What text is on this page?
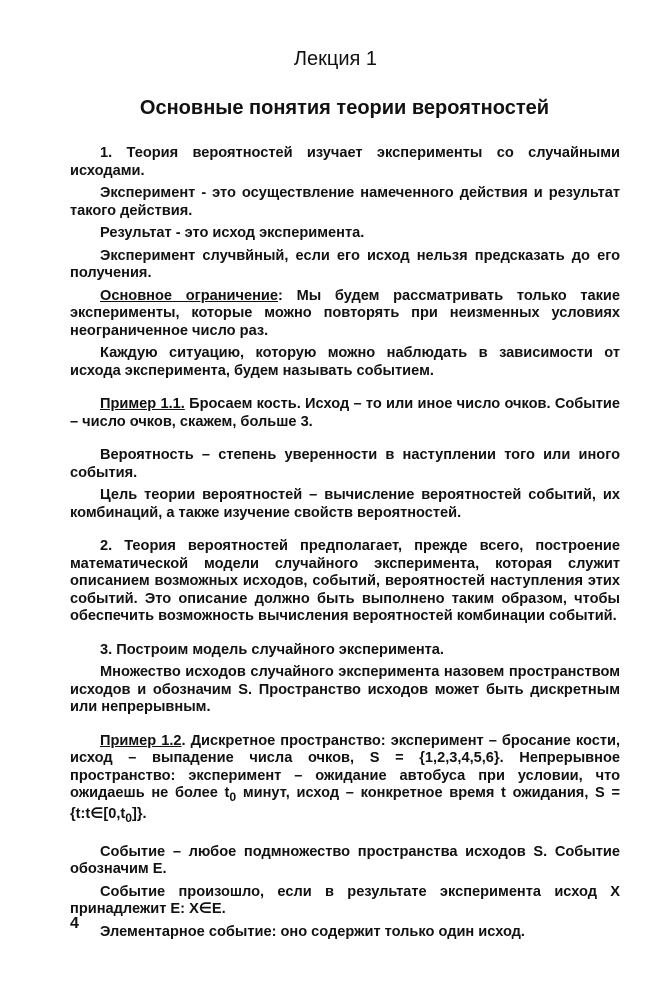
Лекция 1
Основные понятия теории вероятностей

1. Теория вероятностей изучает эксперименты со случайными исходами.

Эксперимент - это осуществление намеченного действия и результат такого действия.

Результат - это исход эксперимента.

Эксперимент случвйный, если его исход нельзя предсказать до его получения.

Основное ограничение: Мы будем рассматривать только такие эксперименты, которые можно повторять при неизменных условиях неограниченное число раз.

Каждую ситуацию, которую можно наблюдать в зависимости от исхода эксперимента, будем называть событием.

Пример 1.1. Бросаем кость. Исход – то или иное число очков. Событие – число очков, скажем, больше 3.

Вероятность – степень уверенности в наступлении того или иного события.

Цель теории вероятностей – вычисление вероятностей событий, их комбинаций, а также изучение свойств вероятностей.

2. Теория вероятностей предполагает, прежде всего, построение математической модели случайного эксперимента, которая служит описанием возможных исходов, событий, вероятностей наступления этих событий. Это описание должно быть выполнено таким образом, чтобы обеспечить возможность вычисления вероятностей комбинации событий.

3. Построим модель случайного эксперимента.

Множество исходов случайного эксперимента назовем пространством исходов и обозначим S. Пространство исходов может быть дискретным или непрерывным.

Пример 1.2. Дискретное пространство: эксперимент – бросание кости, исход – выпадение числа очков, S = {1,2,3,4,5,6}. Непрерывное пространство: эксперимент – ожидание автобуса при условии, что ожидаешь не более $t_0$ минут, исход – конкретное время t ожидания, $S = \{t:t\in[0,t_0]\}$.

Событие – любое подмножество пространства исходов S. Событие обозначим E.

Событие произошло, если в результате эксперимента исход X принадлежит E: X∈E.

Элементарное событие: оно содержит только один исход.

4
